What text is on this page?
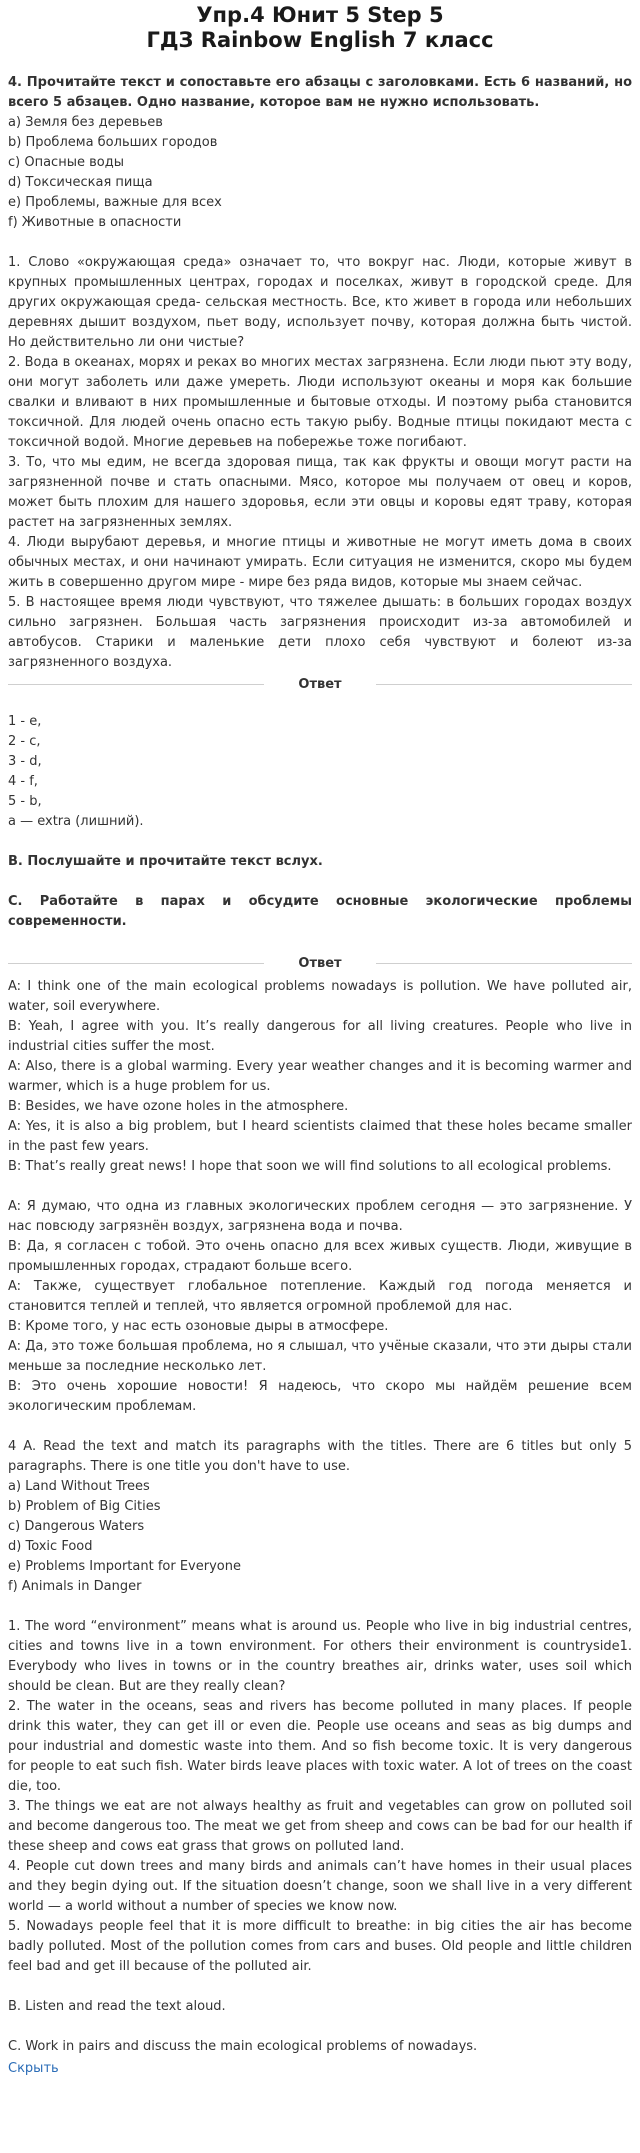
Упр.4 Юнит 5 Step 5
ГДЗ Rainbow English 7 класс

4. Прочитайте текст и сопоставьте его абзацы с заголовками. Есть 6 названий, но всего 5 абзацев. Одно название, которое вам не нужно использовать.

a) Земля без деревьев

b) Проблема больших городов

c) Опасные воды

d) Токсическая пища

e) Проблемы, важные для всех

f) Животные в опасности

1. Слово «окружающая среда» означает то, что вокруг нас. Люди, которые живут в крупных промышленных центрах, городах и поселках, живут в городской среде. Для других окружающая среда- сельская местность. Все, кто живет в города или небольших деревнях дышит воздухом, пьет воду, использует почву, которая должна быть чистой. Но действительно ли они чистые?

2. Вода в океанах, морях и реках во многих местах загрязнена. Если люди пьют эту воду, они могут заболеть или даже умереть. Люди используют океаны и моря как большие свалки и вливают в них промышленные и бытовые отходы. И поэтому рыба становится токсичной. Для людей очень опасно есть такую рыбу. Водные птицы покидают места с токсичной водой. Многие деревьев на побережье тоже погибают.

3. То, что мы едим, не всегда здоровая пища, так как фрукты и овощи могут расти на загрязненной почве и стать опасными. Мясо, которое мы получаем от овец и коров, может быть плохим для нашего здоровья, если эти овцы и коровы едят траву, которая растет на загрязненных землях.

4. Люди вырубают деревья, и многие птицы и животные не могут иметь дома в своих обычных местах, и они начинают умирать. Если ситуация не изменится, скоро мы будем жить в совершенно другом мире - мире без ряда видов, которые мы знаем сейчас.

5. В настоящее время люди чувствуют, что тяжелее дышать: в больших городах воздух сильно загрязнен. Большая часть загрязнения происходит из-за автомобилей и автобусов. Старики и маленькие дети плохо себя чувствуют и болеют из-за загрязненного воздуха.

Ответ

1 - e,

2 - c,

3 - d,

4 - f,

5 - b,

a — extra (лишний).

B. Послушайте и прочитайте текст вслух.

C. Работайте в парах и обсудите основные экологические проблемы современности.

Ответ

A: I think one of the main ecological problems nowadays is pollution. We have polluted air, water, soil everywhere.

B: Yeah, I agree with you. It’s really dangerous for all living creatures. People who live in industrial cities suffer the most.

A: Also, there is a global warming. Every year weather changes and it is becoming warmer and warmer, which is a huge problem for us.

B: Besides, we have ozone holes in the atmosphere.

A: Yes, it is also a big problem, but I heard scientists claimed that these holes became smaller in the past few years.

B: That’s really great news! I hope that soon we will find solutions to all ecological problems.

A: Я думаю, что одна из главных экологических проблем сегодня — это загрязнение. У нас повсюду загрязнён воздух, загрязнена вода и почва.

B: Да, я согласен с тобой. Это очень опасно для всех живых существ. Люди, живущие в промышленных городах, страдают больше всего.

A: Также, существует глобальное потепление. Каждый год погода меняется и становится теплей и теплей, что является огромной проблемой для нас.

B: Кроме того, у нас есть озоновые дыры в атмосфере.

A: Да, это тоже большая проблема, но я слышал, что учёные сказали, что эти дыры стали меньше за последние несколько лет.

B: Это очень хорошие новости! Я надеюсь, что скоро мы найдём решение всем экологическим проблемам.

4 A. Read the text and match its paragraphs with the titles. There are 6 titles but only 5 paragraphs. There is one title you don't have to use.

a) Land Without Trees

b) Problem of Big Cities

c) Dangerous Waters

d) Toxic Food

e) Problems Important for Everyone

f) Animals in Danger

1. The word “environment” means what is around us. People who live in big industrial centres, cities and towns live in a town environment. For others their environment is countryside1. Everybody who lives in towns or in the country breathes air, drinks water, uses soil which should be clean. But are they really clean?

2. The water in the oceans, seas and rivers has become polluted in many places. If people drink this water, they can get ill or even die. People use oceans and seas as big dumps and pour industrial and domestic waste into them. And so fish become toxic. It is very dangerous for people to eat such fish. Water birds leave places with toxic water. A lot of trees on the coast die, too.

3. The things we eat are not always healthy as fruit and vegetables can grow on polluted soil and become dangerous too. The meat we get from sheep and cows can be bad for our health if these sheep and cows eat grass that grows on polluted land.

4. People cut down trees and many birds and animals can’t have homes in their usual places and they begin dying out. If the situation doesn’t change, soon we shall live in a very different world — a world without a number of species we know now.

5. Nowadays people feel that it is more difficult to breathe: in big cities the air has become badly polluted. Most of the pollution comes from cars and buses. Old people and little children feel bad and get ill because of the polluted air.

B. Listen and read the text aloud.

C. Work in pairs and discuss the main ecological problems of nowadays.

Скрыть
